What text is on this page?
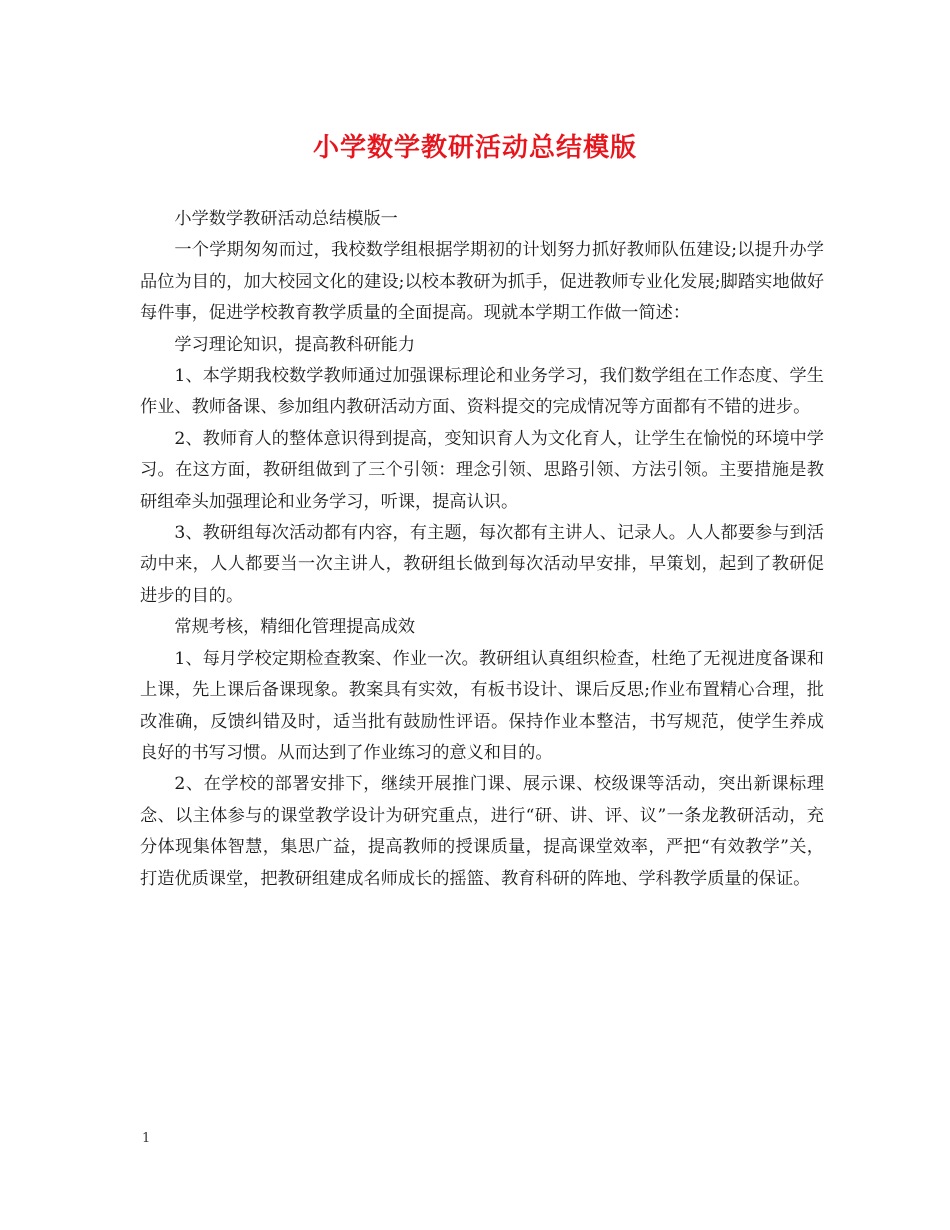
小学数学教研活动总结模版

小学数学教研活动总结模版一

一个学期匆匆而过，我校数学组根据学期初的计划努力抓好教师队伍建设;以提升办学品位为目的，加大校园文化的建设;以校本教研为抓手，促进教师专业化发展;脚踏实地做好每件事，促进学校教育教学质量的全面提高。现就本学期工作做一简述：

学习理论知识，提高教科研能力

1、本学期我校数学教师通过加强课标理论和业务学习，我们数学组在工作态度、学生作业、教师备课、参加组内教研活动方面、资料提交的完成情况等方面都有不错的进步。

2、教师育人的整体意识得到提高，变知识育人为文化育人，让学生在愉悦的环境中学习。在这方面，教研组做到了三个引领：理念引领、思路引领、方法引领。主要措施是教研组牵头加强理论和业务学习，听课，提高认识。

3、教研组每次活动都有内容，有主题，每次都有主讲人、记录人。人人都要参与到活动中来，人人都要当一次主讲人，教研组长做到每次活动早安排，早策划，起到了教研促进步的目的。

常规考核，精细化管理提高成效

1、每月学校定期检查教案、作业一次。教研组认真组织检查，杜绝了无视进度备课和上课，先上课后备课现象。教案具有实效，有板书设计、课后反思;作业布置精心合理，批改准确，反馈纠错及时，适当批有鼓励性评语。保持作业本整洁，书写规范，使学生养成良好的书写习惯。从而达到了作业练习的意义和目的。

2、在学校的部署安排下，继续开展推门课、展示课、校级课等活动，突出新课标理念、以主体参与的课堂教学设计为研究重点，进行“研、讲、评、议”一条龙教研活动，充分体现集体智慧，集思广益，提高教师的授课质量，提高课堂效率，严把“有效教学”关，打造优质课堂，把教研组建成名师成长的摇篮、教育科研的阵地、学科教学质量的保证。

1
